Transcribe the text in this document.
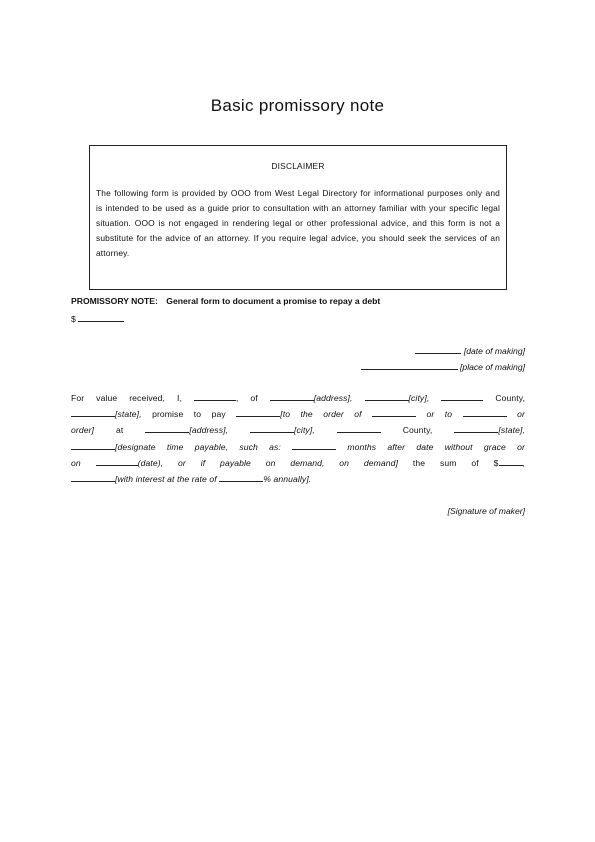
Basic promissory note
DISCLAIMER
The following form is provided by OOO from West Legal Directory for informational purposes only and is intended to be used as a guide prior to consultation with an attorney familiar with your specific legal situation. OOO is not engaged in rendering legal or other professional advice, and this form is not a substitute for the advice of an attorney. If you require legal advice, you should seek the services of an attorney.
PROMISSORY NOTE: General form to document a promise to repay a debt
$
[date of making]
[place of making]
For value received, I,	, of	[address],	[city],	County,
[state], promise to pay	[to the order of	or to	or
order]	at	[address],	[city],	County,	[state],
[designate time payable, such as:	months after date without grace or
on	(date), or if payable on demand, on demand] the sum of $	,
[with interest at the rate of	% annually].
[Signature of maker]
